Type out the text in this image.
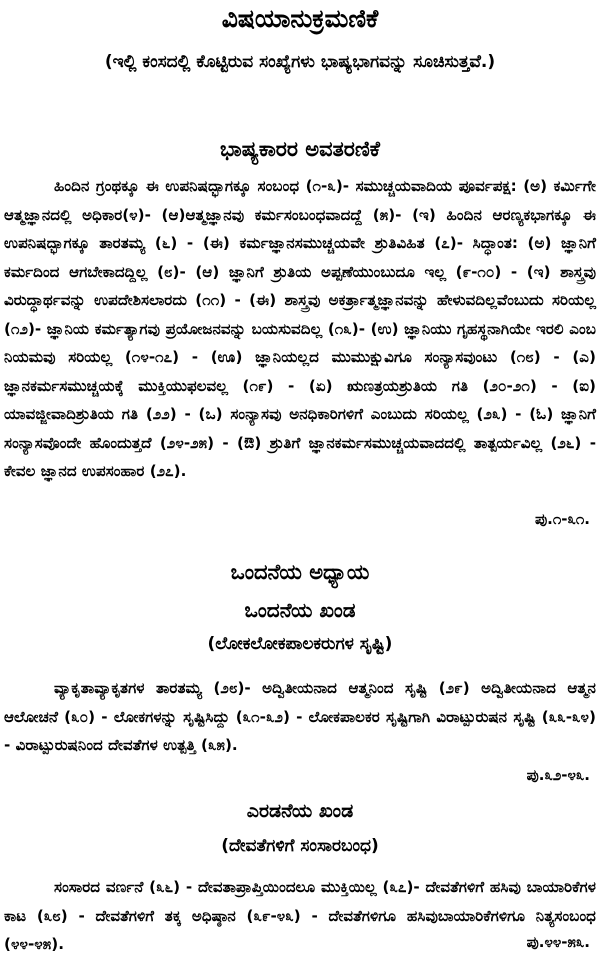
ವಿಷಯಾನುಕ್ರಮಣಿಕೆ
(ಇಲ್ಲಿ ಕಂಸದಲ್ಲಿ ಕೊಟ್ಟಿರುವ ಸಂಖ್ಯೆಗಳು ಭಾಷ್ಯಭಾಗವನ್ನು ಸೂಚಿಸುತ್ತವೆ.)
ಭಾಷ್ಯಕಾರರ ಅವತರಣಿಕೆ
ಹಿಂದಿನ ಗ್ರಂಥಕ್ಕೂ ಈ ಉಪನಿಷದ್ಭಾಗಕ್ಕೂ ಸಂಬಂಧ (೧-೩)- ಸಮುಚ್ಚಯವಾದಿಯ ಪೂರ್ವಪಕ್ಷ: (ಅ) ಕರ್ಮಿಗೇ ಆತ್ಮಜ್ಞಾನದಲ್ಲಿ ಅಧಿಕಾರ(೪)- (ಆ)ಆತ್ಮಜ್ಞಾನವು ಕರ್ಮಸಂಬಂಧವಾದದ್ದೆ (೫)- (ಇ) ಹಿಂದಿನ ಆರಣ್ಯಕಭಾಗಕ್ಕೂ ಈ ಉಪನಿಷದ್ಭಾಗಕ್ಕೂ ತಾರತಮ್ಯ (೬) - (ಈ) ಕರ್ಮಜ್ಞಾನಸಮುಚ್ಚಯವೇ ಶ್ರುತಿವಿಹಿತ (೭)- ಸಿದ್ಧಾಂತ: (ಅ) ಜ್ಞಾನಿಗೆ ಕರ್ಮದಿಂದ ಆಗಬೇಕಾದದ್ದಿಲ್ಲ (೮)- (ಆ) ಜ್ಞಾನಿಗೆ ಶ್ರುತಿಯ ಅಪ್ಪಣೆಯುಂಬುದೂ ಇಲ್ಲ (೯-೧೦) - (ಇ) ಶಾಸ್ತ್ರವು ವಿರುದ್ಧಾರ್ಥವನ್ನು ಉಪದೇಶಿಸಲಾರದು (೧೧) - (ಈ) ಶಾಸ್ತ್ರವು ಅಕರ್ತ್ರಾತ್ಮಜ್ಞಾನವನ್ನು ಹೇಳುವದಿಲ್ಲವೆಂಬುದು ಸರಿಯಲ್ಲ (೧೨)- ಜ್ಞಾನಿಯ ಕರ್ಮತ್ಯಾಗವು ಪ್ರಯೋಜನವನ್ನು ಬಯಸುವದಿಲ್ಲ (೧೩)- (ಉ) ಜ್ಞಾನಿಯು ಗೃಹಸ್ಥನಾಗಿಯೇ ಇರಲಿ ಎಂಬ ನಿಯಮವು ಸರಿಯಲ್ಲ (೧೪-೧೭) - (ಊ) ಜ್ಞಾನಿಯಲ್ಲದ ಮುಮುಕ್ಷುವಿಗೂ ಸಂನ್ಯಾಸವುಂಟು (೧೮) - (ಎ) ಜ್ಞಾನಕರ್ಮಸಮುಚ್ಚಯಕ್ಕೆ ಮುಕ್ತಿಯುಫಲವಲ್ಲ (೧೯) - (ಏ) ಋಣತ್ರಯಶ್ರುತಿಯ ಗತಿ (೨೦-೨೧) - (ಐ) ಯಾವಜ್ಜೀವಾದಿಶ್ರುತಿಯ ಗತಿ (೨೨) - (ಒ) ಸಂನ್ಯಾಸವು ಅನಧಿಕಾರಿಗಳಿಗೆ ಎಂಬುದು ಸರಿಯಲ್ಲ (೨೩) - (ಓ) ಜ್ಞಾನಿಗೆ ಸಂನ್ಯಾಸವೊಂದೇ ಹೊಂದುತ್ತದೆ (೨೪-೨೫) - (ಔ) ಶ್ರುತಿಗೆ ಜ್ಞಾನಕರ್ಮಸಮುಚ್ಚಯವಾದದಲ್ಲಿ ತಾತ್ಪರ್ಯವಿಲ್ಲ (೨೬) - ಕೇವಲ ಜ್ಞಾನದ ಉಪಸಂಹಾರ (೨೭).
ಪು.೧-೩೧.
ಒಂದನೆಯ ಅಧ್ಯಾಯ
ಒಂದನೆಯ ಖಂಡ
(ಲೋಕಲೋಕಪಾಲಕರುಗಳ ಸೃಷ್ಟಿ)
ವ್ಯಾಕೃತಾವ್ಯಾಕೃತಗಳ ತಾರತಮ್ಯ (೨೮)- ಅದ್ವಿತೀಯನಾದ ಆತ್ಮನಿಂದ ಸೃಷ್ಟಿ (೨೯) ಅದ್ವಿತೀಯನಾದ ಆತ್ಮನ ಆಲೋಚನೆ (೩೦) - ಲೋಕಗಳನ್ನು ಸೃಷ್ಟಿಸಿದ್ದು (೩೧-೩೨) - ಲೋಕಪಾಲಕರ ಸೃಷ್ಟಿಗಾಗಿ ವಿರಾಟ್ಪುರುಷನ ಸೃಷ್ಟಿ (೩೩-೩೪) - ವಿರಾಟ್ಪುರುಷನಿಂದ ದೇವತೆಗಳ ಉತ್ಪತ್ತಿ (೩೫).
ಪು.೩೨-೪೩.
ಎರಡನೆಯ ಖಂಡ
(ದೇವತೆಗಳಿಗೆ ಸಂಸಾರಬಂಧ)
ಸಂಸಾರದ ವರ್ಣನೆ (೩೬) - ದೇವತಾಪ್ರಾಪ್ತಿಯಿಂದಲೂ ಮುಕ್ತಿಯಿಲ್ಲ (೩೭)- ದೇವತೆಗಳಿಗೆ ಹಸಿವು ಬಾಯಾರಿಕೆಗಳ ಕಾಟ (೩೮) - ದೇವತೆಗಳಿಗೆ ತಕ್ಕ ಅಧಿಷ್ಠಾನ (೩೯-೪೩) - ದೇವತೆಗಳಿಗೂ ಹಸಿವುಬಾಯಾರಿಕೆಗಳಿಗೂ ನಿತ್ಯಸಂಬಂಧ (೪೪-೪೫).	ಪು.೪೪-೫೩.
